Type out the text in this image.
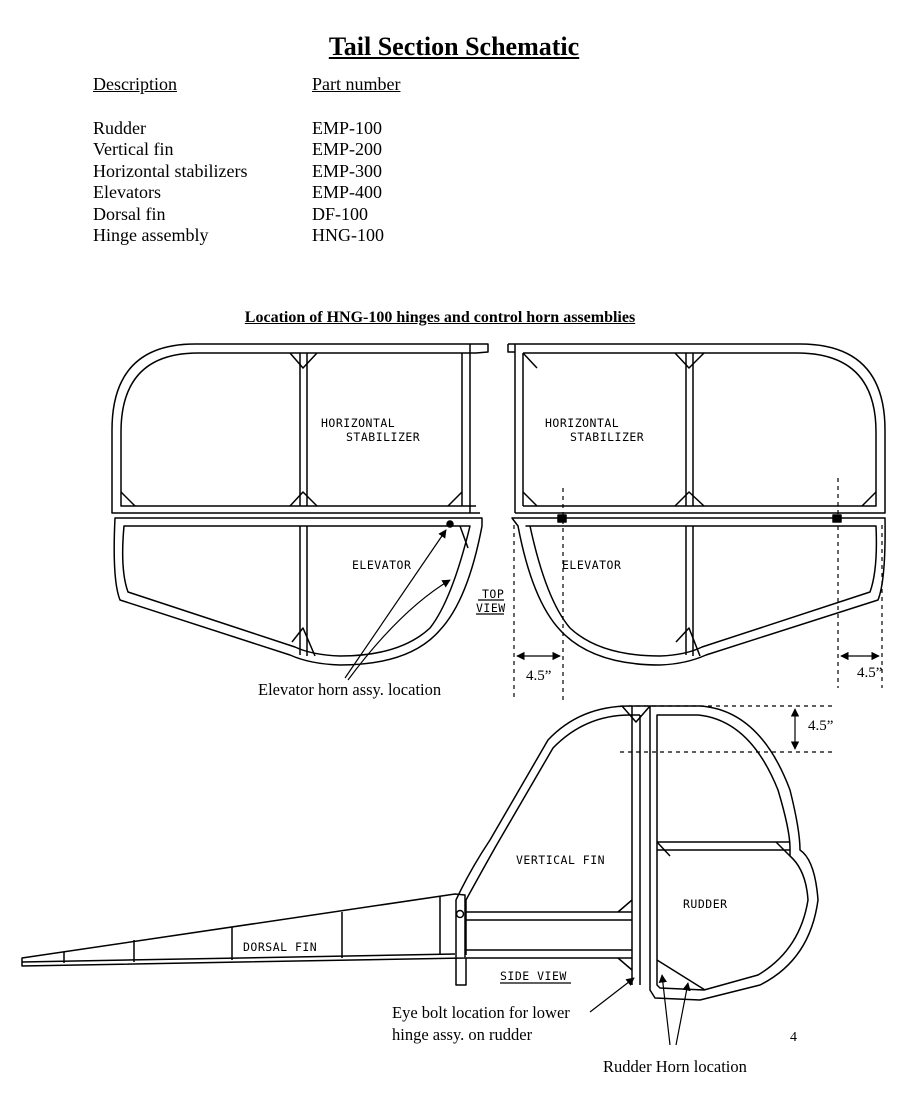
Tail Section Schematic
Description	Part number
Rudder	EMP-100
Vertical fin	EMP-200
Horizontal stabilizers	EMP-300
Elevators	EMP-400
Dorsal fin	DF-100
Hinge assembly	HNG-100
Location of HNG-100 hinges and control horn assemblies
HORIZONTAL
STABILIZER
HORIZONTAL
STABILIZER
ELEVATOR	ELEVATOR
TOP
VIEW
VERTICAL FIN
RUDDER
DORSAL FIN
SIDE VIEW
4.5”	4.5”
4.5”
Elevator horn assy. location
Eye bolt location for lower
hinge assy. on rudder
Rudder Horn location
4
